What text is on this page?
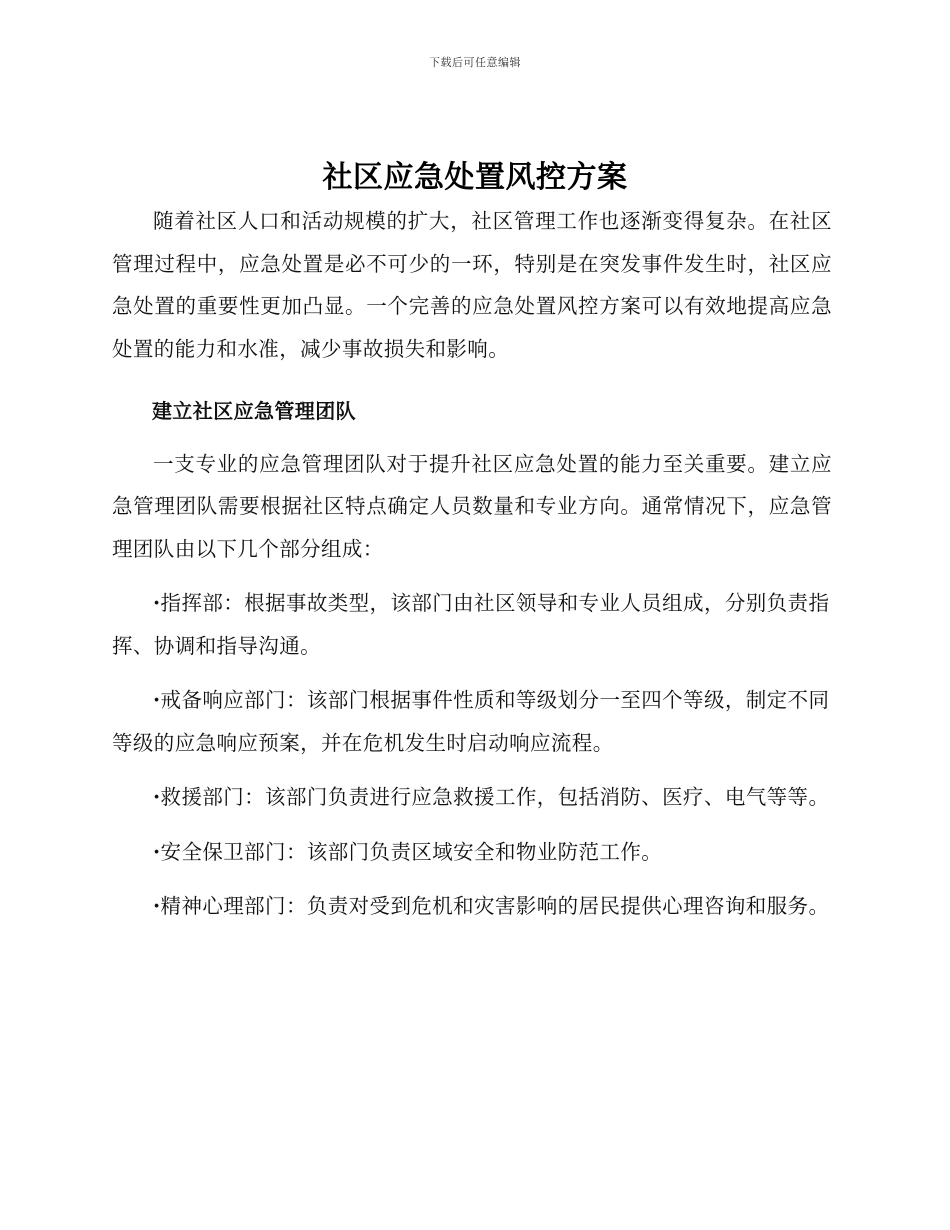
下载后可任意编辑
社区应急处置风控方案

随着社区人口和活动规模的扩大，社区管理工作也逐渐变得复杂。在社区管理过程中，应急处置是必不可少的一环，特别是在突发事件发生时，社区应急处置的重要性更加凸显。一个完善的应急处置风控方案可以有效地提高应急处置的能力和水准，减少事故损失和影响。

建立社区应急管理团队

一支专业的应急管理团队对于提升社区应急处置的能力至关重要。建立应急管理团队需要根据社区特点确定人员数量和专业方向。通常情况下，应急管理团队由以下几个部分组成：

·指挥部：根据事故类型，该部门由社区领导和专业人员组成，分别负责指挥、协调和指导沟通。

·戒备响应部门：该部门根据事件性质和等级划分一至四个等级，制定不同等级的应急响应预案，并在危机发生时启动响应流程。

·救援部门：该部门负责进行应急救援工作，包括消防、医疗、电气等等。

·安全保卫部门：该部门负责区域安全和物业防范工作。

·精神心理部门：负责对受到危机和灾害影响的居民提供心理咨询和服务。
